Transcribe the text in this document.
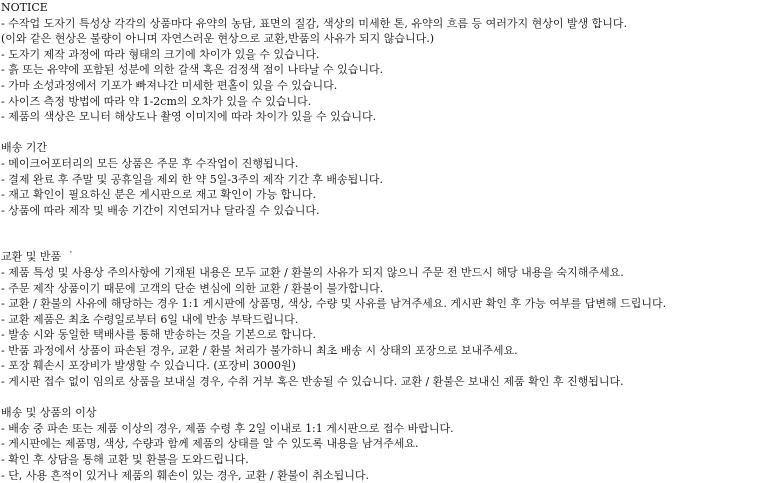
NOTICE
- 수작업 도자기 특성상 각각의 상품마다 유약의 농담, 표면의 질감, 색상의 미세한 톤, 유약의 흐름 등 여러가지 현상이 발생 합니다.
(이와 같은 현상은 불량이 아니며 자연스러운 현상으로 교환,반품의 사유가 되지 않습니다.)
- 도자기 제작 과정에 따라 형태의 크기에 차이가 있을 수 있습니다.
- 흙 또는 유약에 포함된 성분에 의한 갈색 혹은 검정색 점이 나타날 수 있습니다.
- 가마 소성과정에서 기포가 빠져나간 미세한 편홀이 있을 수 있습니다.
- 사이즈 측정 방법에 따라 약 1-2cm의 오차가 있을 수 있습니다.
- 제품의 색상은 모니터 해상도나 촬영 이미지에 따라 차이가 있을 수 있습니다.
배송 기간
- 메이크어포터리의 모든 상품은 주문 후 수작업이 진행됩니다.
- 결제 완료 후 주말 및 공휴일을 제외 한 약 5일-3주의 제작 기간 후 배송됩니다.
- 재고 확인이 필요하신 분은 게시판으로 재고 확인이 가능 합니다.
- 상품에 따라 제작 및 배송 기간이 지연되거나 달라질 수 있습니다.
교환 및 반품  ˙
- 제품 특성 및 사용상 주의사항에 기재된 내용은 모두 교환 / 환불의 사유가 되지 않으니 주문 전 반드시 해당 내용을 숙지해주세요.
- 주문 제작 상품이기 때문에 고객의 단순 변심에 의한 교환 / 환불이 불가합니다.
- 교환 / 환불의 사유에 해당하는 경우 1:1 게시판에 상품명, 색상, 수량 및 사유를 남겨주세요. 게시판 확인 후 가능 여부를 답변해 드립니다.
- 교환 제품은 최초 수령일로부터 6일 내에 반송 부탁드립니다.
- 발송 시와 동일한 택배사를 통해 반송하는 것을 기본으로 합니다.
- 반품 과정에서 상품이 파손된 경우, 교환 / 환불 처리가 불가하니 최초 배송 시 상태의 포장으로 보내주세요.
- 포장 훼손시 포장비가 발생할 수 있습니다. (포장비 3000원)
- 게시판 접수 없이 임의로 상품을 보내실 경우, 수취 거부 혹은 반송될 수 있습니다. 교환 / 환불은 보내신 제품 확인 후 진행됩니다.
배송 및 상품의 이상
- 배송 중 파손 또는 제품 이상의 경우, 제품 수령 후 2일 이내로 1:1 게시판으로 접수 바랍니다.
- 게시판에는 제품명, 색상, 수량과 함께 제품의 상태를 알 수 있도록 내용을 남겨주세요.
- 확인 후 상담을 통해 교환 및 환불을 도와드립니다.
- 단, 사용 흔적이 있거나 제품의 훼손이 있는 경우, 교환 / 환불이 취소됩니다.
